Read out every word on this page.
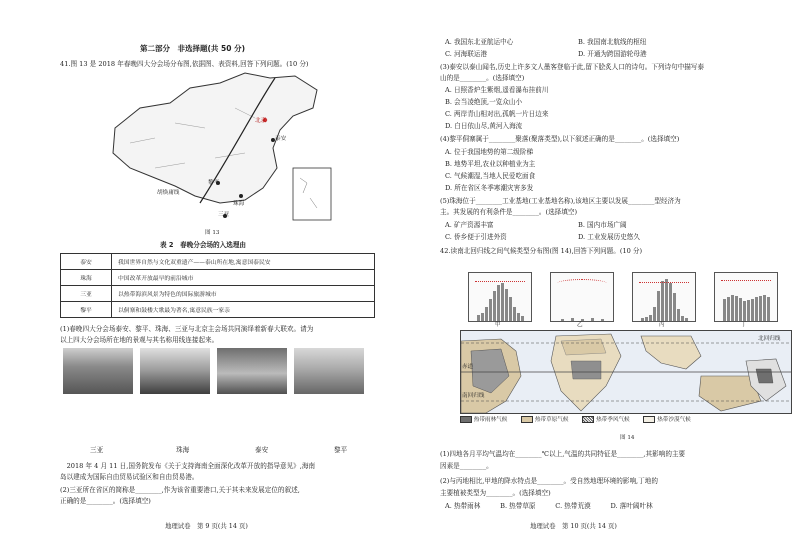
第二部分　非选择题(共 50 分)
41.图 13 是 2018 年春晚四大分会场分布图,依据图、表资料,回答下列问题。(10 分)
北京
泰安
黎平
珠海
三亚
胡焕庸线
图 13
表 2　春晚分会场的入选理由
泰安	我国世界自然与文化双重遗产——泰山所在地,寓意国泰民安
珠海	中国改革开放最早的前沿城市
三亚	以热带海滨风景为特色的国际旅游城市
黎平	以侗寨和鼓楼大歌最为著名,寓意民族一家亲
(1)春晚四大分会场泰安、黎平、珠海、三亚与北京主会场共同演绎着新春大联欢。请为
以上四大分会场所在地的景观与其名称用线连接起来。
三亚	珠海	泰安	黎平
　2018 年 4 月 11 日,国务院发布《关于支持海南全面深化改革开放的指导意见》,海南
岛以建成为国际自由贸易试验区和自由贸易港。
(2)三亚所在省区的简称是________,作为该省重要港口,关于其未来发展定位的叙述,
正确的是________。(选择填空)
地理试卷　第 9 页(共 14 页)
A. 我国东北亚航运中心	B. 我国南北航线的枢纽
C. 河海联运港	D. 开通为跨国游轮母港
(3)泰安以泰山闻名,历史上许多文人墨客登临于此,留下脍炙人口的诗句。下列诗句中描写泰
山的是________。(选择填空)
A. 日照香炉生紫烟,遥看瀑布挂前川
B. 会当凌绝顶,一览众山小
C. 两岸青山相对出,孤帆一片日边来
D. 白日依山尽,黄河入海流
(4)黎平侗寨属于________聚落(聚落类型),以下叙述正确的是________。(选择填空)
A. 位于我国地势的第二级阶梯
B. 地势平坦,农业以种植业为主
C. 气候潮湿,当地人民爱吃面食
D. 所在省区冬季寒潮灾害多发
(5)珠海位于________工业基地(工业基地名称),该地区主要以发展________型经济为
主。其发展的有利条件是________。(选择填空)
A. 矿产资源丰富	B. 国内市场广阔
C. 侨乡便于引进外资	D. 工业发展历史悠久
42.读南北回归线之间气候类型分布图(图 14),回答下列问题。(10 分)
甲	乙	丙	丁
北回归线
赤道
南回归线
热带雨林气候	热带草原气候	热带季风气候	热带沙漠气候
图 14
(1)四地各月平均气温均在________℃以上,气温的共同特征是________,其影响的主要
因素是________。
(2)与丙地相比,甲地的降水特点是________。受自然地理环境的影响,丁地的
主要植被类型为________。(选择填空)
A. 热带雨林　　　B. 热带草原　　　C. 热带荒漠　　　D. 落叶阔叶林
地理试卷　第 10 页(共 14 页)
